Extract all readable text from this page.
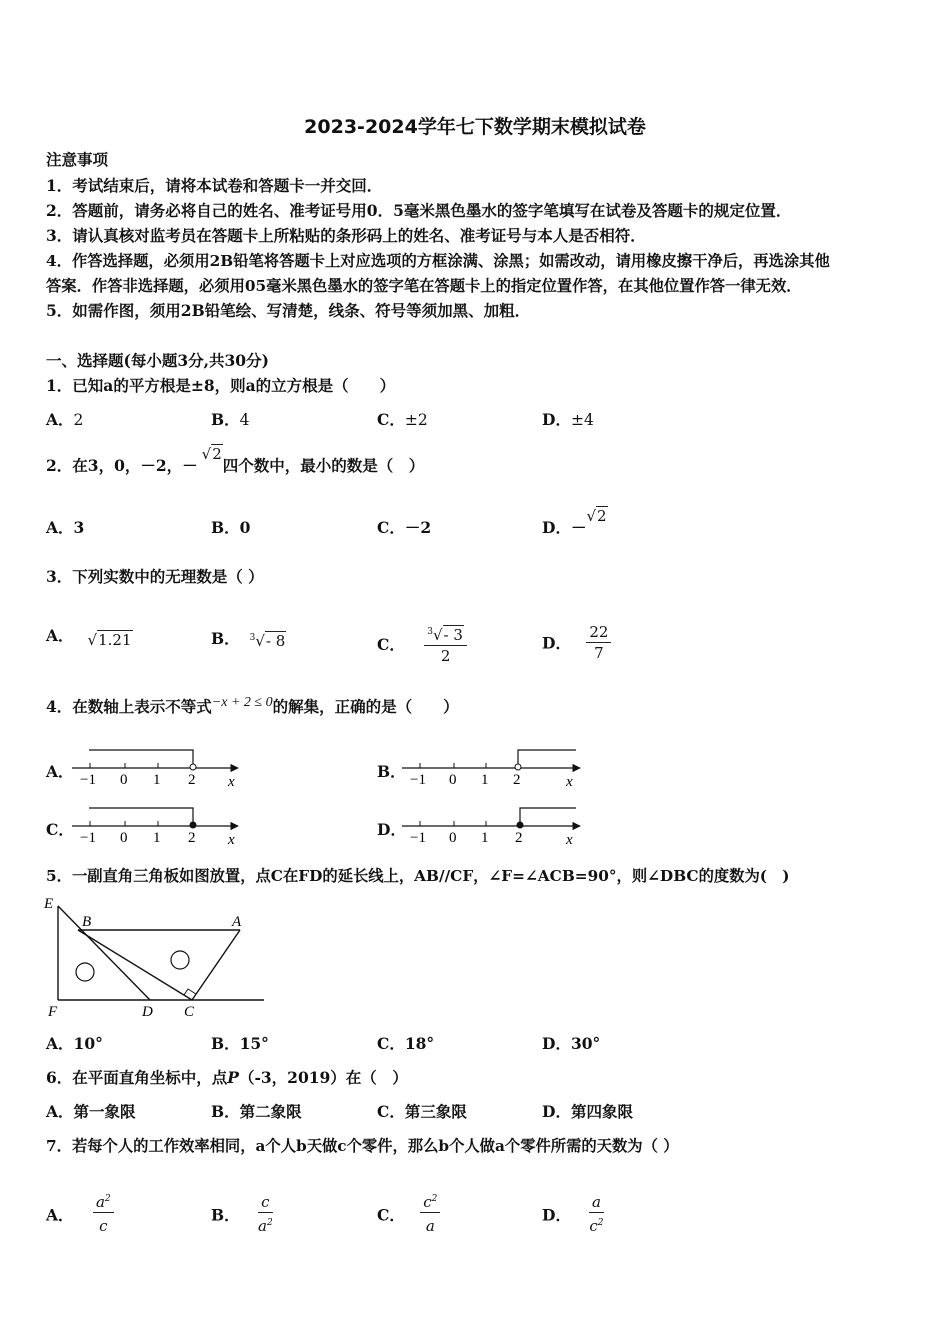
2023-2024学年七下数学期末模拟试卷
注意事项
1．考试结束后，请将本试卷和答题卡一并交回．
2．答题前，请务必将自己的姓名、准考证号用0．5毫米黑色墨水的签字笔填写在试卷及答题卡的规定位置．
3．请认真核对监考员在答题卡上所粘贴的条形码上的姓名、准考证号与本人是否相符．
4．作答选择题，必须用2B铅笔将答题卡上对应选项的方框涂满、涂黑；如需改动，请用橡皮擦干净后，再选涂其他
答案．作答非选择题，必须用05毫米黑色墨水的签字笔在答题卡上的指定位置作答，在其他位置作答一律无效．
5．如需作图，须用2B铅笔绘、写清楚，线条、符号等须加黑、加粗．
一、选择题(每小题3分,共30分)
1．已知a的平方根是±8，则a的立方根是（　　）
A．2	B．4	C．±2	D．±4
2．在3，0，－2，－√2四个数中，最小的数是（　）
A．3	B．0	C．－2	D．－√2
3．下列实数中的无理数是（ ）
A． √1.21	B． $^3$√- 8	C． $\frac{^3√- 3}{2}$	D． $\frac{22}{7}$
4．在数轴上表示不等式−x + 2 ≤ 0的解集，正确的是（　　）
A．	B．
C．	D．
−1 0 1 2 x	−1 0 1 2	x
−1 0 1 2 x	−1 0 1 2	x
5．一副直角三角板如图放置，点C在FD的延长线上，AB//CF，∠F=∠ACB=90°，则∠DBC的度数为(　)
E
B	A
F	D C
A．10°	B．15°	C．18°	D．30°
6．在平面直角坐标中，点P（-3，2019）在（　）
A．第一象限	B．第二象限	C．第三象限	D．第四象限
7．若每个人的工作效率相同，a个人b天做c个零件，那么b个人做a个零件所需的天数为（ ）
A． $\frac{a^2}{c}$	B． $\frac{c}{a^2}$	C． $\frac{c^2}{a}$	D． $\frac{a}{c^2}$
